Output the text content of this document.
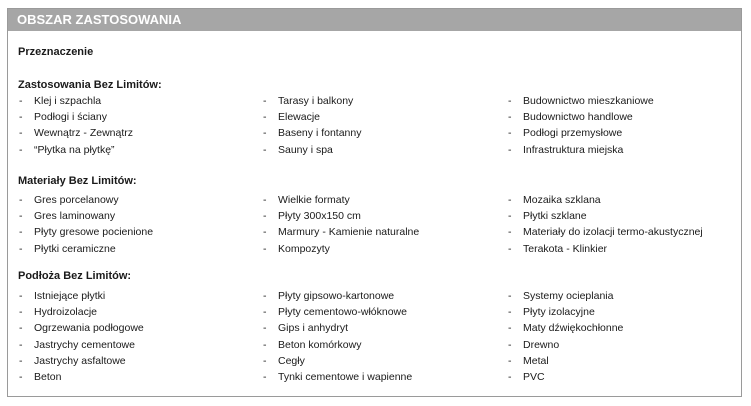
OBSZAR ZASTOSOWANIA
Przeznaczenie
Zastosowania Bez Limitów:
- Klej i szpachla
- Podłogi i ściany
- Wewnątrz - Zewnątrz
- “Płytka na płytkę”
- Tarasy i balkony
- Elewacje
- Baseny i fontanny
- Sauny i spa
- Budownictwo mieszkaniowe
- Budownictwo handlowe
- Podłogi przemysłowe
- Infrastruktura miejska
Materiały Bez Limitów:
- Gres porcelanowy
- Gres laminowany
- Płyty gresowe pocienione
- Płytki ceramiczne
- Wielkie formaty
- Płyty 300x150 cm
- Marmury - Kamienie naturalne
- Kompozyty
- Mozaika szklana
- Płytki szklane
- Materiały do izolacji termo-akustycznej
- Terakota - Klinkier
Podłoża Bez Limitów:
- Istniejące płytki
- Hydroizolacje
- Ogrzewania podłogowe
- Jastrychy cementowe
- Jastrychy asfaltowe
- Beton
- Płyty gipsowo-kartonowe
- Płyty cementowo-włóknowe
- Gips i anhydryt
- Beton komórkowy
- Cegły
- Tynki cementowe i wapienne
- Systemy ocieplania
- Płyty izolacyjne
- Maty dźwiękochłonne
- Drewno
- Metal
- PVC
